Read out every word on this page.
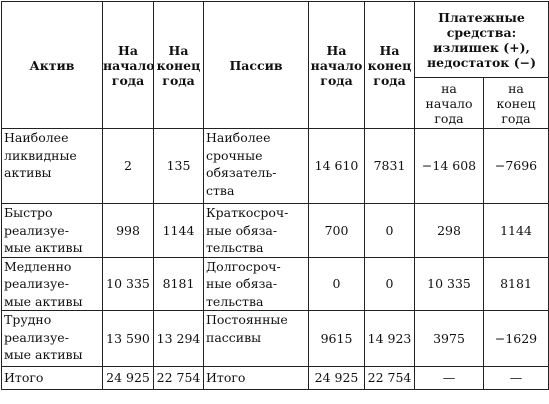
Актив	На
начало
года	На
конец
года	Пассив	На
начало
года	На
конец
года	Платежные
средства:
излишек (+),
недостаток (−)	
						на
начало
года	на
конец
года
Наиболее
ликвидные
активы	2	135	Наиболее
срочные
обязатель-
ства	14 610	7831	−14 608	−7696
Быстро
реализуе-
мые активы	998	1144	Краткосроч-
ные обяза-
тельства	700	0	298	1144
Медленно
реализуе-
мые активы	10 335	8181	Долгосроч-
ные обяза-
тельства	0	0	10 335	8181
Трудно
реализуе-
мые активы	13 590	13 294	Постоянные
пассивы	9615	14 923	3975	−1629
Итого	24 925	22 754	Итого	24 925	22 754	—	—
